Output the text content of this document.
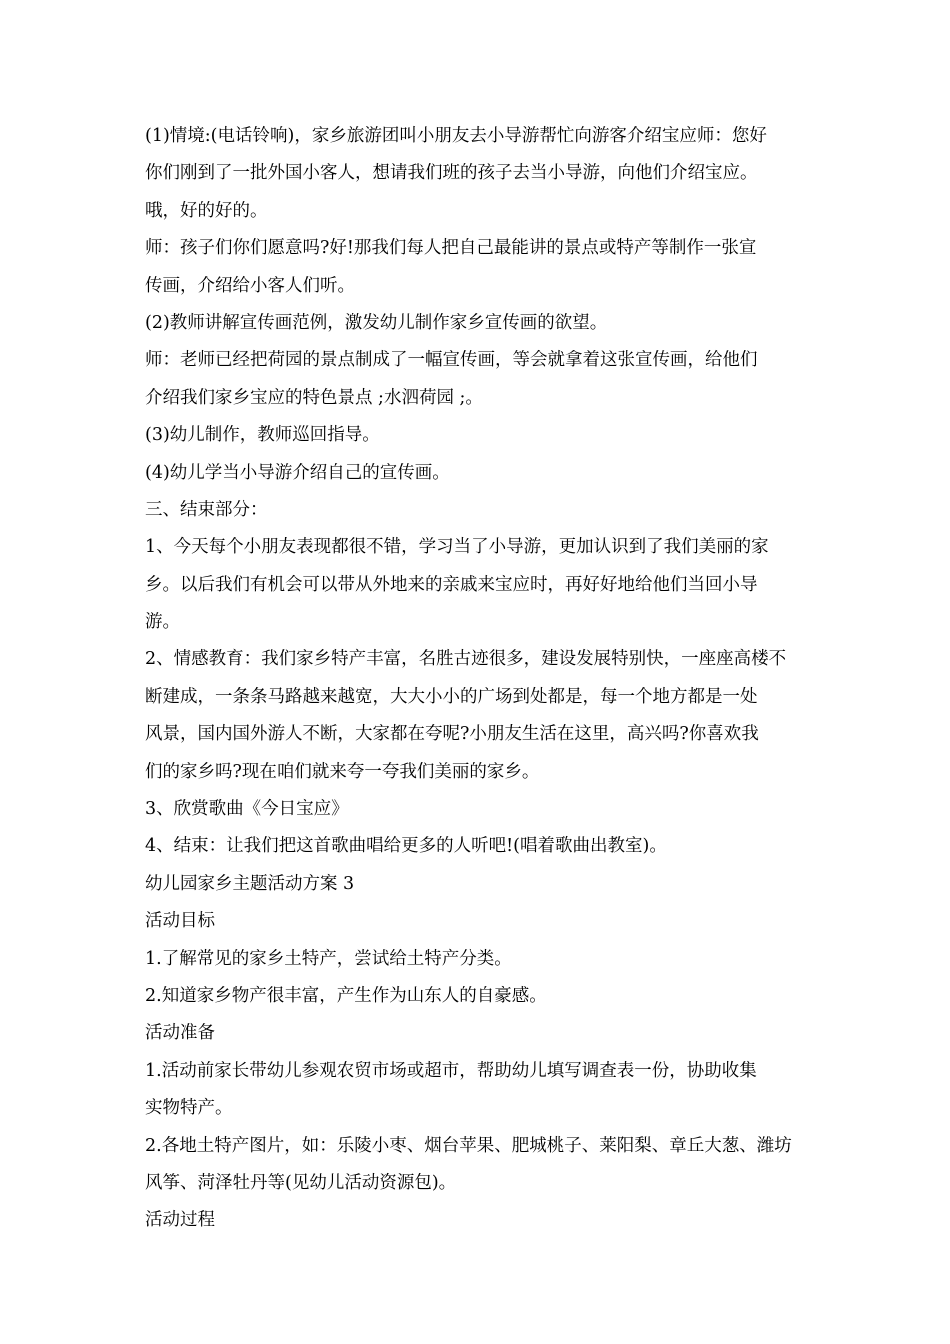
(1)情境:(电话铃响)，家乡旅游团叫小朋友去小导游帮忙向游客介绍宝应师：您好
你们刚到了一批外国小客人，想请我们班的孩子去当小导游，向他们介绍宝应。
哦，好的好的。
师：孩子们你们愿意吗?好!那我们每人把自己最能讲的景点或特产等制作一张宣
传画，介绍给小客人们听。
(2)教师讲解宣传画范例，激发幼儿制作家乡宣传画的欲望。
师：老师已经把荷园的景点制成了一幅宣传画，等会就拿着这张宣传画，给他们
介绍我们家乡宝应的特色景点 ;水泗荷园 ;。
(3)幼儿制作，教师巡回指导。
(4)幼儿学当小导游介绍自己的宣传画。
三、结束部分：
1、今天每个小朋友表现都很不错，学习当了小导游，更加认识到了我们美丽的家
乡。以后我们有机会可以带从外地来的亲戚来宝应时，再好好地给他们当回小导
游。
2、情感教育：我们家乡特产丰富，名胜古迹很多，建设发展特别快，一座座高楼不
断建成，一条条马路越来越宽，大大小小的广场到处都是，每一个地方都是一处
风景，国内国外游人不断，大家都在夸呢?小朋友生活在这里，高兴吗?你喜欢我
们的家乡吗?现在咱们就来夸一夸我们美丽的家乡。
3、欣赏歌曲《今日宝应》
4、结束：让我们把这首歌曲唱给更多的人听吧!(唱着歌曲出教室)。
幼儿园家乡主题活动方案 3
活动目标
1.了解常见的家乡土特产，尝试给土特产分类。
2.知道家乡物产很丰富，产生作为山东人的自豪感。
活动准备
1.活动前家长带幼儿参观农贸市场或超市，帮助幼儿填写调查表一份，协助收集
实物特产。
2.各地土特产图片，如：乐陵小枣、烟台苹果、肥城桃子、莱阳梨、章丘大葱、潍坊
风筝、菏泽牡丹等(见幼儿活动资源包)。
活动过程
